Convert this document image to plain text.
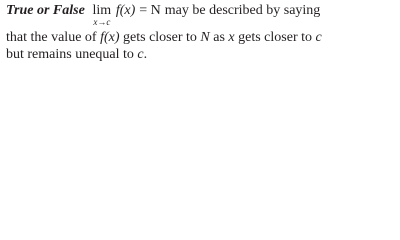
True or False lim
x→c
f(x) = N may be described by saying
that the value of f(x) gets closer to N as x gets closer to c
but remains unequal to c.
